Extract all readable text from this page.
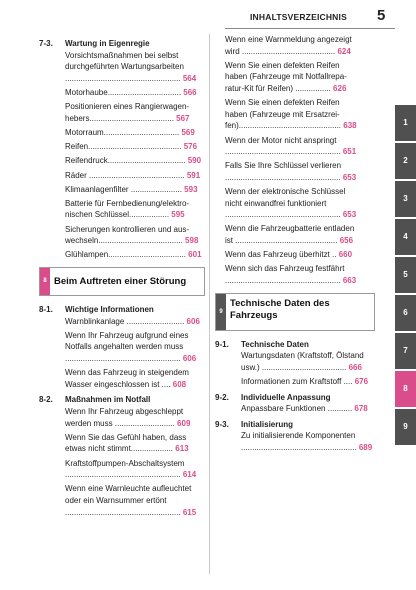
INHALTSVERZEICHNIS 5
7-3. Wartung in Eigenregie
Vorsichtsmaßnahmen bei selbst
durchgeführten Wartungsarbeiten
.................................................... 564
Motorhaube................................. 566
Positionieren eines Rangierwagen-
hebers...................................... 567
Motorraum.................................. 569
Reifen.......................................... 576
Reifendruck................................... 590
Räder ........................................... 591
Klimaanlagenfilter ....................... 593
Batterie für Fernbedienung/elektro-
nischen Schlüssel.................. 595
Sicherungen kontrollieren und aus-
wechseln...................................... 598
Glühlampen................................... 601
8 Beim Auftreten einer Störung
8-1. Wichtige Informationen
Warnblinkanlage .......................... 606
Wenn Ihr Fahrzeug aufgrund eines
Notfalls angehalten werden muss
.................................................... 606
Wenn das Fahrzeug in steigendem
Wasser eingeschlossen ist .... 608
8-2. Maßnahmen im Notfall
Wenn Ihr Fahrzeug abgeschleppt
werden muss ........................... 609
Wenn Sie das Gefühl haben, dass
etwas nicht stimmt................... 613
Kraftstoffpumpen-Abschaltsystem
.................................................... 614
Wenn eine Warnleuchte aufleuchtet
oder ein Warnsummer ertönt
.................................................... 615
Wenn eine Warnmeldung angezeigt
wird .......................................... 624
Wenn Sie einen defekten Reifen
haben (Fahrzeuge mit Notfallrepa-
ratur-Kit für Reifen) ................ 626
Wenn Sie einen defekten Reifen
haben (Fahrzeuge mit Ersatzrei-
fen).............................................. 638
Wenn der Motor nicht anspringt
.................................................... 651
Falls Sie Ihre Schlüssel verlieren
.................................................... 653
Wenn der elektronische Schlüssel
nicht einwandfrei funktioniert
.................................................... 653
Wenn die Fahrzeugbatterie entladen
ist .............................................. 656
Wenn das Fahrzeug überhitzt .. 660
Wenn sich das Fahrzeug festfährt
.................................................... 663
9
Technische Daten des
Fahrzeugs
9-1. Technische Daten
Wartungsdaten (Kraftstoff, Ölstand
usw.) ...................................... 666
Informationen zum Kraftstoff .... 676
9-2. Individuelle Anpassung
Anpassbare Funktionen ........... 678
9-3. Initialisierung
Zu initialisierende Komponenten
.................................................... 689
1
2
3
4
5
6
7
8
9
